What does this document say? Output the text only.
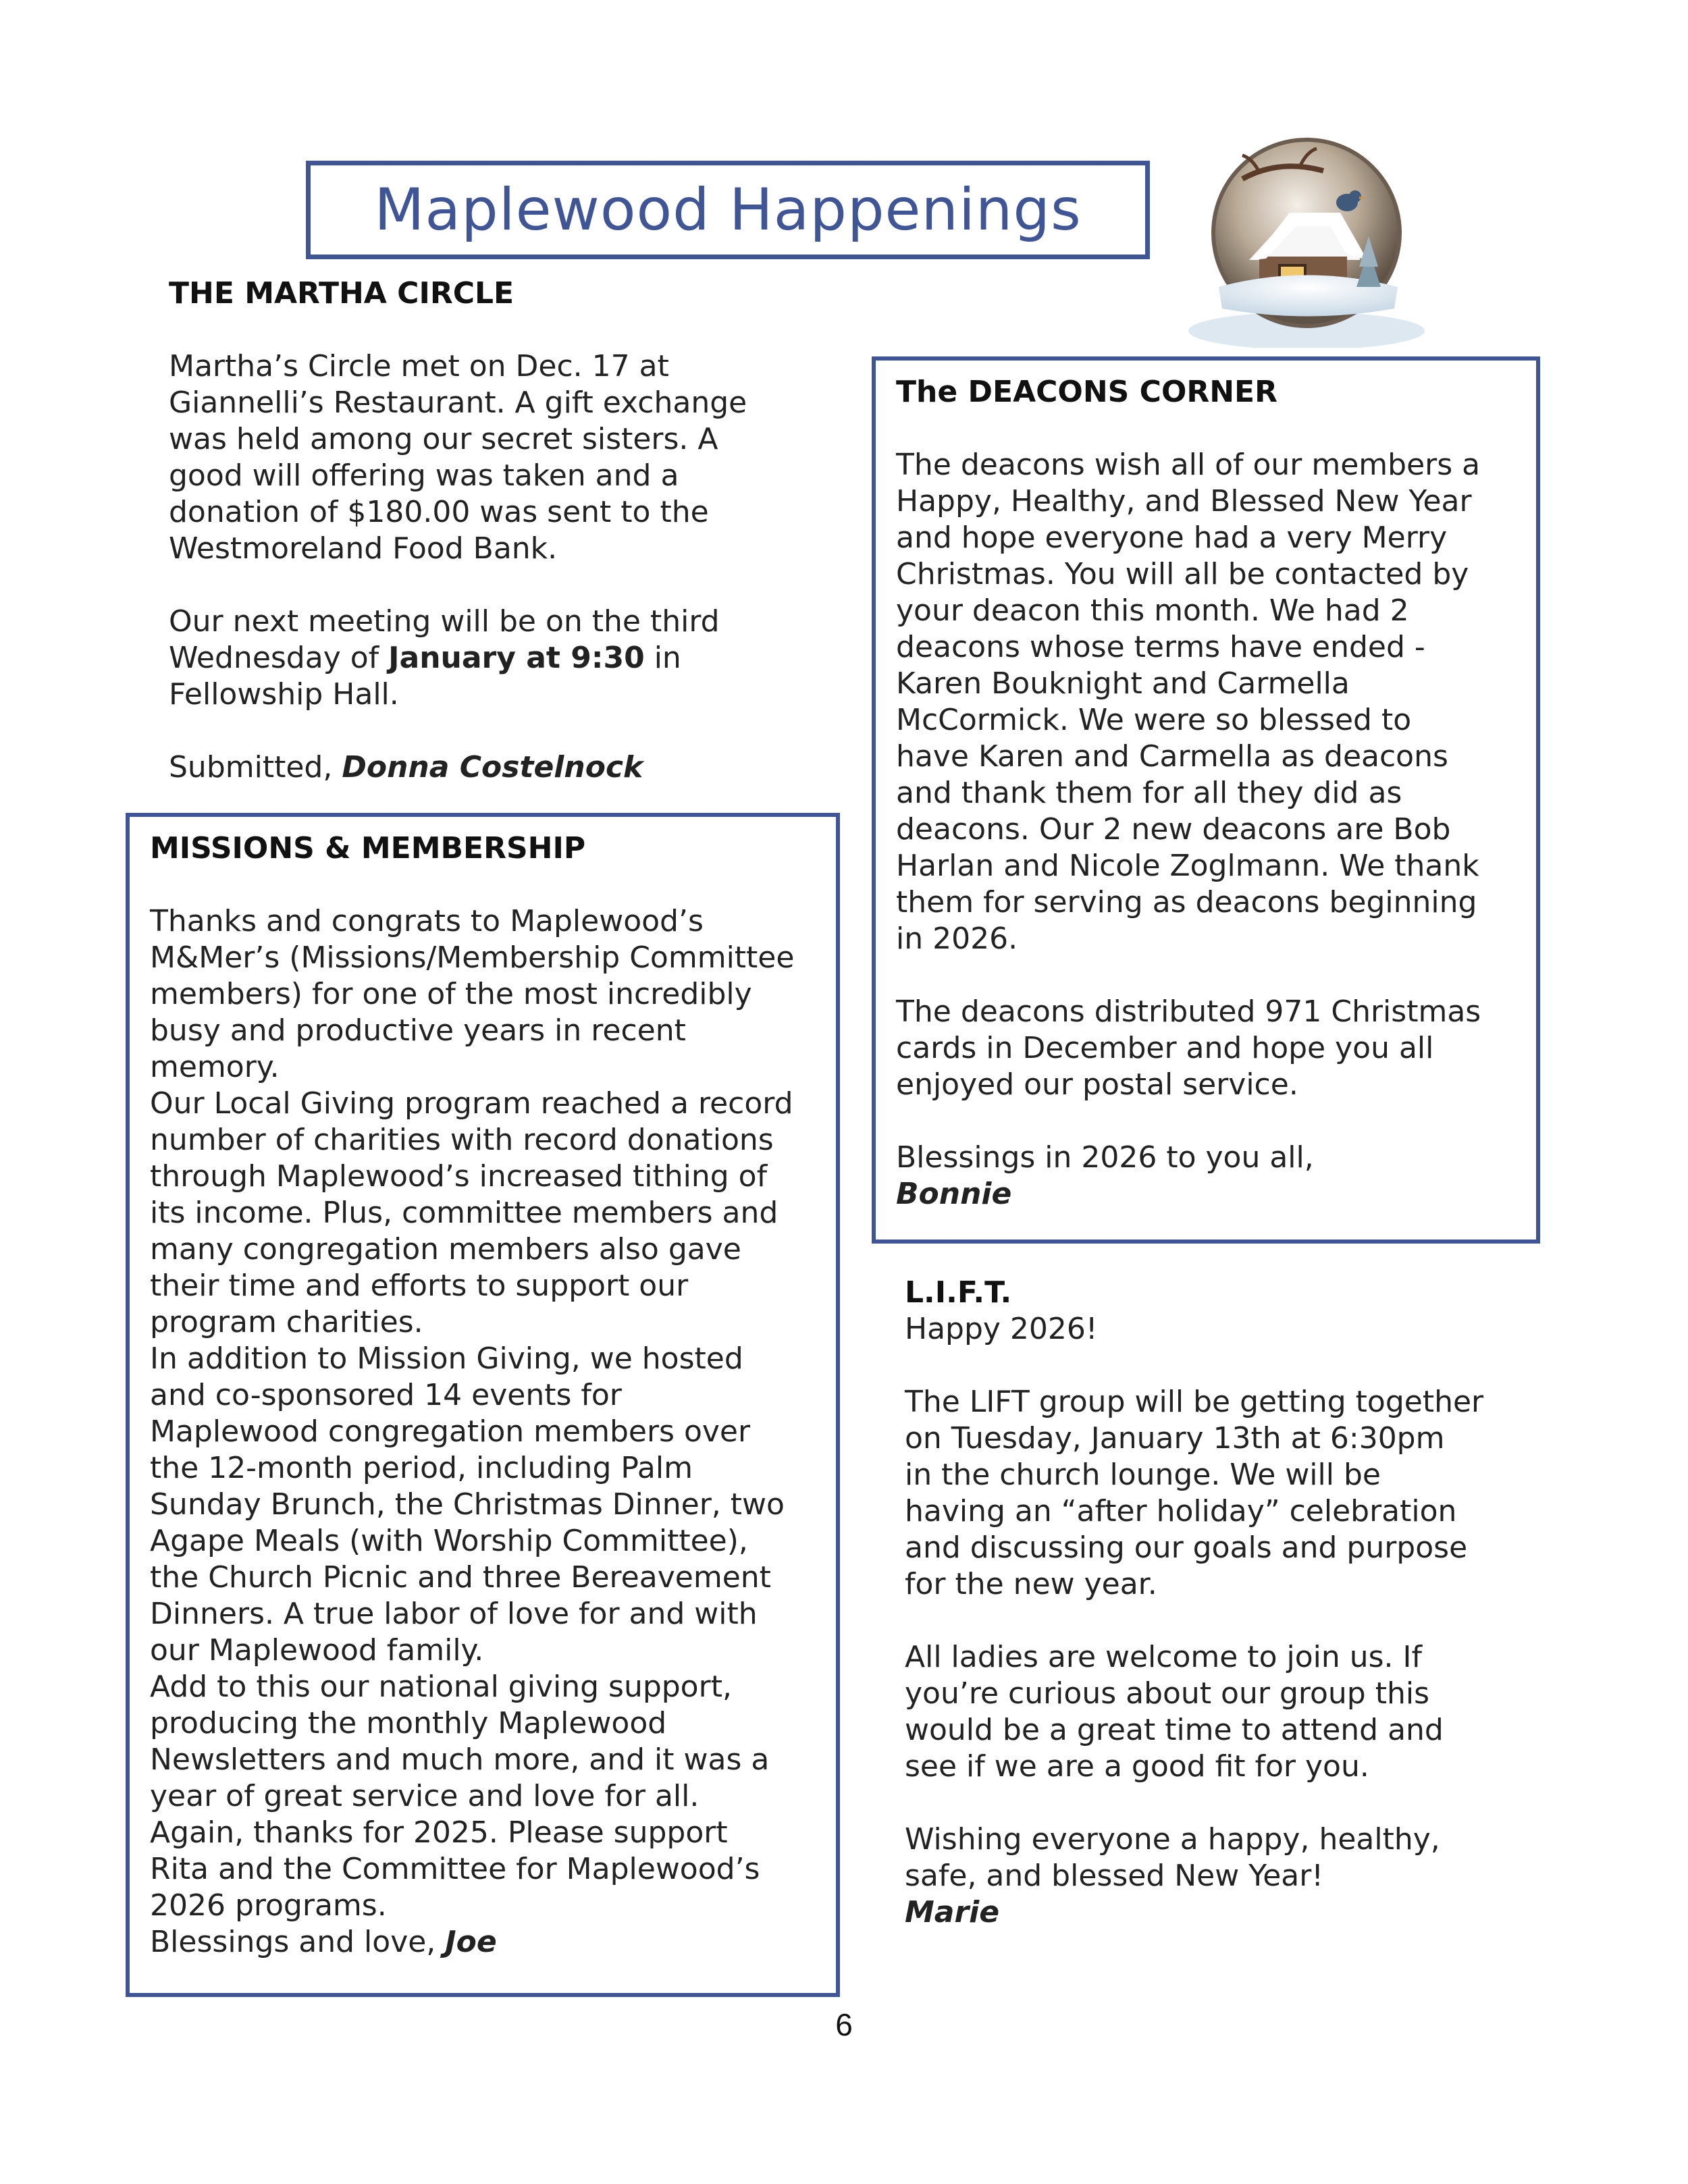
Maplewood Happenings
THE MARTHA CIRCLE

Martha’s Circle met on Dec. 17 at

Giannelli’s Restaurant. A gift exchange

was held among our secret sisters. A

good will offering was taken and a

donation of $180.00 was sent to the

Westmoreland Food Bank.

Our next meeting will be on the third

Wednesday of January at 9:30 in

Fellowship Hall.

Submitted, Donna Costelnock
The DEACONS CORNER

The deacons wish all of our members a

Happy, Healthy, and Blessed New Year

and hope everyone had a very Merry

Christmas. You will all be contacted by

your deacon this month. We had 2

deacons whose terms have ended -

Karen Bouknight and Carmella

McCormick. We were so blessed to

have Karen and Carmella as deacons

and thank them for all they did as

deacons. Our 2 new deacons are Bob

Harlan and Nicole Zoglmann. We thank

them for serving as deacons beginning

in 2026.

The deacons distributed 971 Christmas

cards in December and hope you all

enjoyed our postal service.

Blessings in 2026 to you all,

Bonnie

MISSIONS & MEMBERSHIP

Thanks and congrats to Maplewood’s

M&Mer’s (Missions/Membership Committee

members) for one of the most incredibly

busy and productive years in recent

memory.

Our Local Giving program reached a record

number of charities with record donations

through Maplewood’s increased tithing of

its income. Plus, committee members and

many congregation members also gave

their time and efforts to support our

program charities.

In addition to Mission Giving, we hosted

and co-sponsored 14 events for

Maplewood congregation members over

the 12-month period, including Palm

Sunday Brunch, the Christmas Dinner, two

Agape Meals (with Worship Committee),

the Church Picnic and three Bereavement

Dinners. A true labor of love for and with

our Maplewood family.

Add to this our national giving support,

producing the monthly Maplewood

Newsletters and much more, and it was a

year of great service and love for all.

Again, thanks for 2025. Please support

Rita and the Committee for Maplewood’s

2026 programs.

Blessings and love, Joe

L.I.F.T.
Happy 2026!

The LIFT group will be getting together

on Tuesday, January 13th at 6:30pm

in the church lounge. We will be

having an “after holiday” celebration

and discussing our goals and purpose

for the new year.

All ladies are welcome to join us. If

you’re curious about our group this

would be a great time to attend and

see if we are a good fit for you.

Wishing everyone a happy, healthy,

safe, and blessed New Year!

Marie

6
